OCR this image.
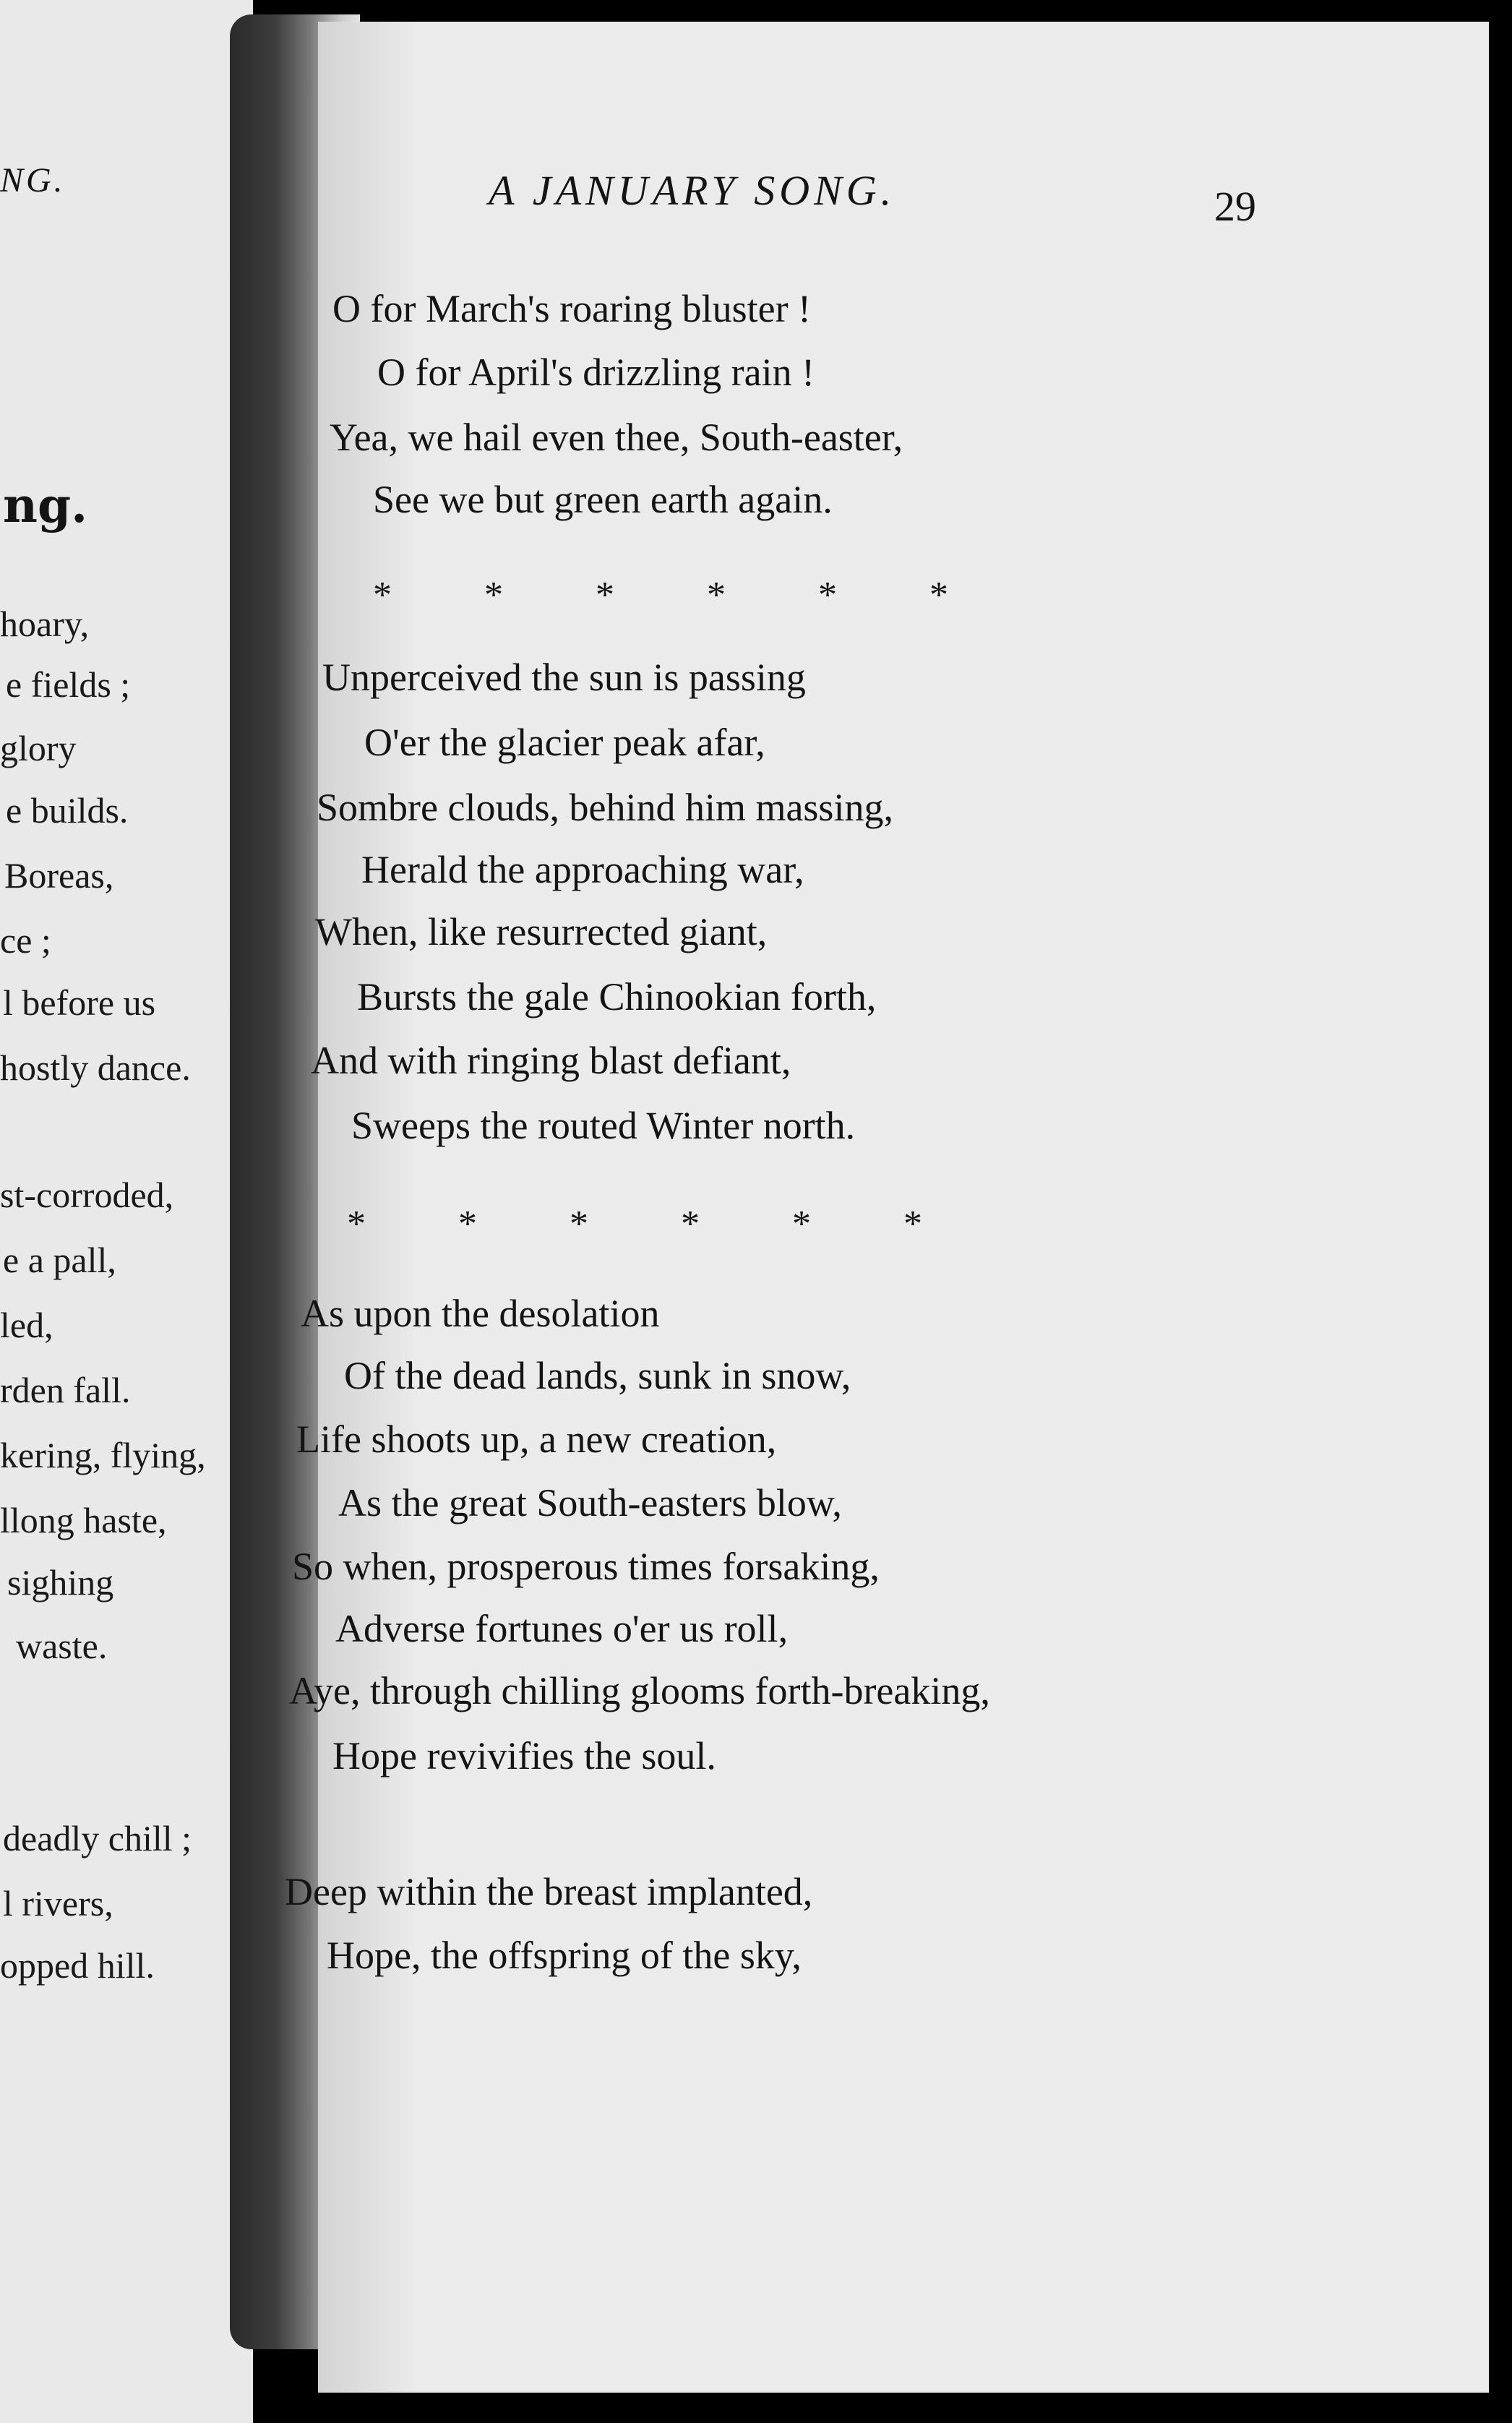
NG.
ng.
hoary,
e fields ;
glory
e builds.
Boreas,
ce ;
l before us
hostly dance.
st-corroded,
e a pall,
led,
rden fall.
kering, flying,
llong haste,
sighing
waste.
deadly chill ;
l rivers,
opped hill.
A JANUARY SONG.	29
O for March's roaring bluster !
O for April's drizzling rain !
Yea, we hail even thee, South-easter,
See we but green earth again.
* * * * * *
Unperceived the sun is passing
O'er the glacier peak afar,
Sombre clouds, behind him massing,
Herald the approaching war,
When, like resurrected giant,
Bursts the gale Chinookian forth,
And with ringing blast defiant,
Sweeps the routed Winter north.
* * * * * *
As upon the desolation
Of the dead lands, sunk in snow,
Life shoots up, a new creation,
As the great South-easters blow,
So when, prosperous times forsaking,
Adverse fortunes o'er us roll,
Aye, through chilling glooms forth-breaking,
Hope revivifies the soul.
Deep within the breast implanted,
Hope, the offspring of the sky,
